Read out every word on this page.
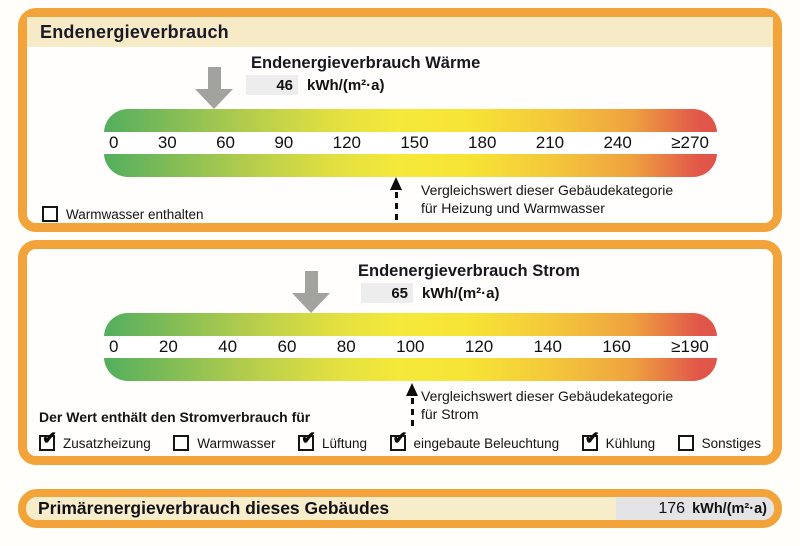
Endenergieverbrauch
Endenergieverbrauch Wärme
46 kWh/(m²·a)
0 30 60 90 120 150 180 210 240 ≥270
Vergleichswert dieser Gebäudekategorie
für Heizung und Warmwasser
Warmwasser enthalten
Endenergieverbrauch Strom
65 kWh/(m²·a)
0 20 40 60 80 100 120 140 160 ≥190
Vergleichswert dieser Gebäudekategorie
für Strom
Der Wert enthält den Stromverbrauch für
✔ Zusatzheizung	Warmwasser ✔ Lüftung ✔ eingebaute Beleuchtung ✔ Kühlung	Sonstiges
Primärenergieverbrauch dieses Gebäudes	176 kWh/(m²·a)
